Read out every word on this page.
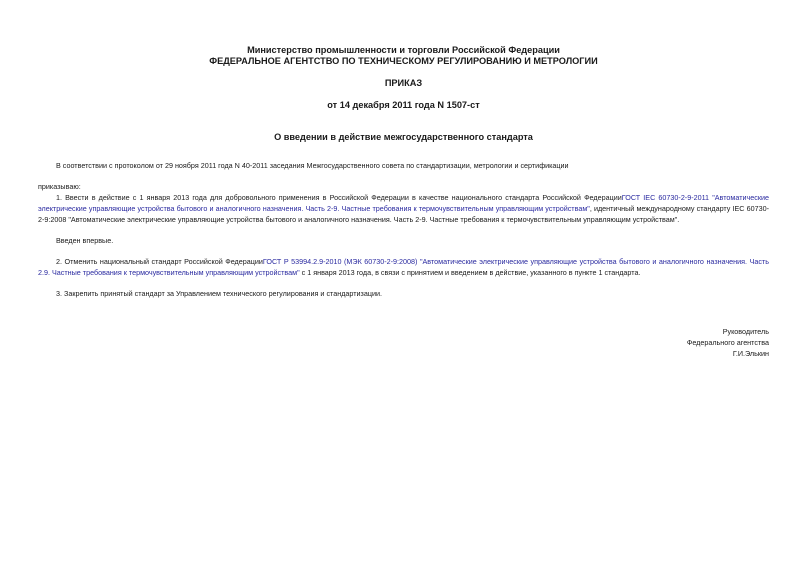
Министерство промышленности и торговли Российской Федерации
ФЕДЕРАЛЬНОЕ АГЕНТСТВО ПО ТЕХНИЧЕСКОМУ РЕГУЛИРОВАНИЮ И МЕТРОЛОГИИ
ПРИКАЗ
от 14 декабря 2011 года N 1507-ст
О введении в действие межгосударственного стандарта
В соответствии с протоколом от 29 ноября 2011 года N 40-2011 заседания Межгосударственного совета по стандартизации, метрологии и сертификации
приказываю:
1. Ввести в действие с 1 января 2013 года для добровольного применения в Российской Федерации в качестве национального стандарта Российской ФедерацииГОСТ IEC 60730-2-9-2011 "Автоматические электрические управляющие устройства бытового и аналогичного назначения. Часть 2-9. Частные требования к термочувствительным управляющим устройствам", идентичный международному стандарту IEC 60730-2-9:2008 "Автоматические электрические управляющие устройства бытового и аналогичного назначения. Часть 2-9. Частные требования к термочувствительным управляющим устройствам".
Введен впервые.
2. Отменить национальный стандарт Российской ФедерацииГОСТ Р 53994.2.9-2010 (МЭК 60730-2-9:2008) "Автоматические электрические управляющие устройства бытового и аналогичного назначения. Часть 2.9. Частные требования к термочувствительным управляющим устройствам" с 1 января 2013 года, в связи с принятием и введением в действие, указанного в пункте 1 стандарта.
3. Закрепить принятый стандарт за Управлением технического регулирования и стандартизации.
Руководитель
Федерального агентства
Г.И.Элькин
